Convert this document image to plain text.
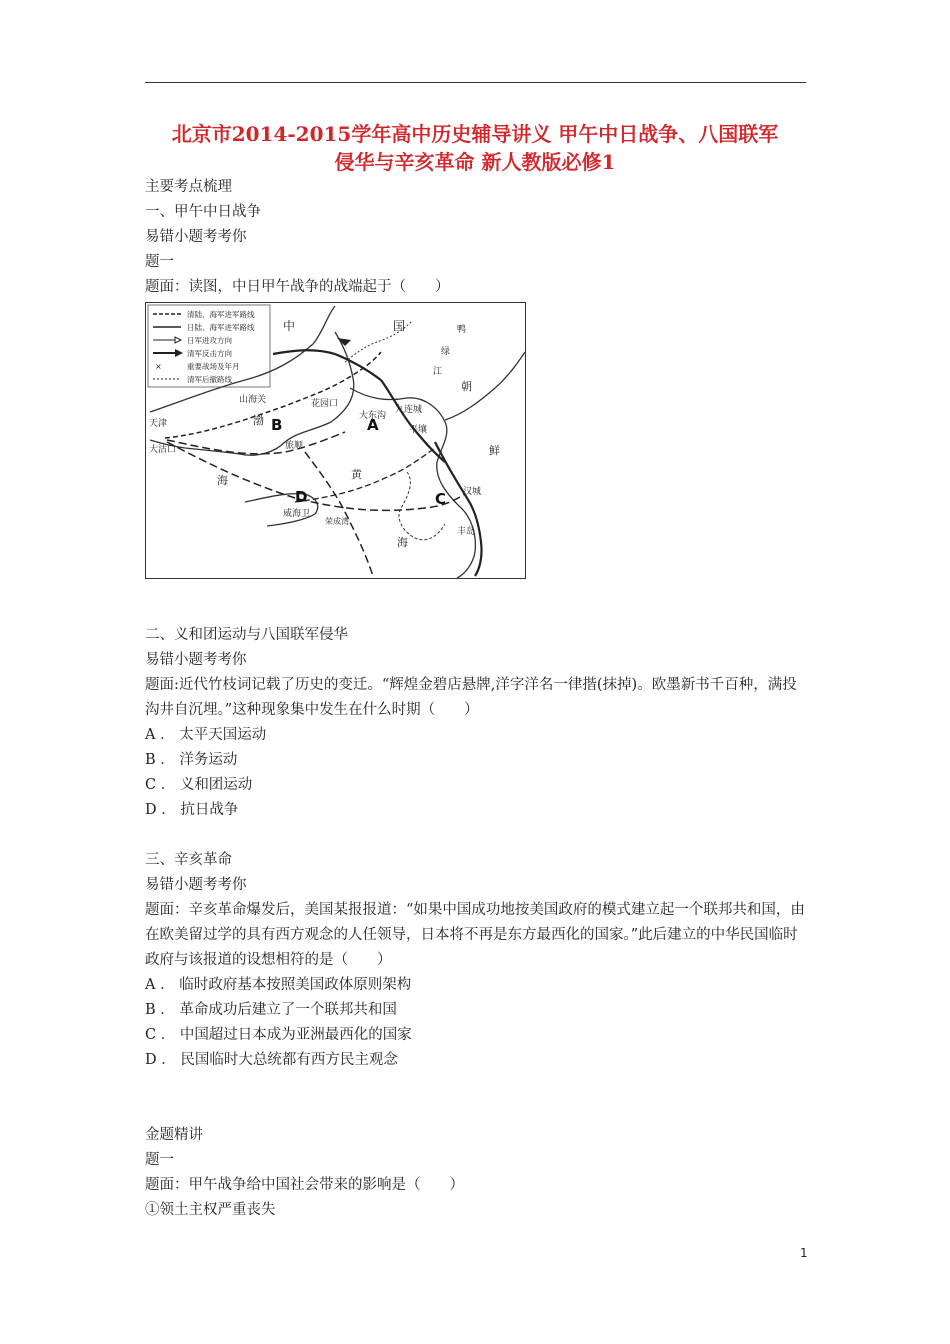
北京市2014-2015学年高中历史辅导讲义 甲午中日战争、八国联军
侵华与辛亥革命 新人教版必修1
主要考点梳理
一、甲午中日战争
易错小题考考你
题一
题面：读图，中日甲午战争的战端起于（　　）
×
清陆、海军进军路线
日陆、海军进军路线
日军进攻方向
清军反击方向
重要战场及年月
清军后撤路线
中	国	鸭
绿
江
朝
鲜
山海关
天津
大沽口	旅顺
九连城
花园口
大东沟
平壤
汉城
威海卫
荣成湾
丰岛
渤
海	黄
海
A
B
C
D
二、义和团运动与八国联军侵华
易错小题考考你
题面:近代竹枝词记载了历史的变迁。“辉煌金碧店悬牌,洋字洋名一律揩(抹掉)。欧墨新书千百种，满投沟井自沉埋。”这种现象集中发生在什么时期（　　）
A ． 太平天国运动
B ． 洋务运动
C ． 义和团运动
D ． 抗日战争
三、辛亥革命
易错小题考考你
题面：辛亥革命爆发后，美国某报报道：“如果中国成功地按美国政府的模式建立起一个联邦共和国，由在欧美留过学的具有西方观念的人任领导，日本将不再是东方最西化的国家。”此后建立的中华民国临时政府与该报道的设想相符的是（　　）
A ． 临时政府基本按照美国政体原则架构
B ． 革命成功后建立了一个联邦共和国
C ． 中国超过日本成为亚洲最西化的国家
D ． 民国临时大总统都有西方民主观念
金题精讲
题一
题面：甲午战争给中国社会带来的影响是（　　）
①领土主权严重丧失
1
